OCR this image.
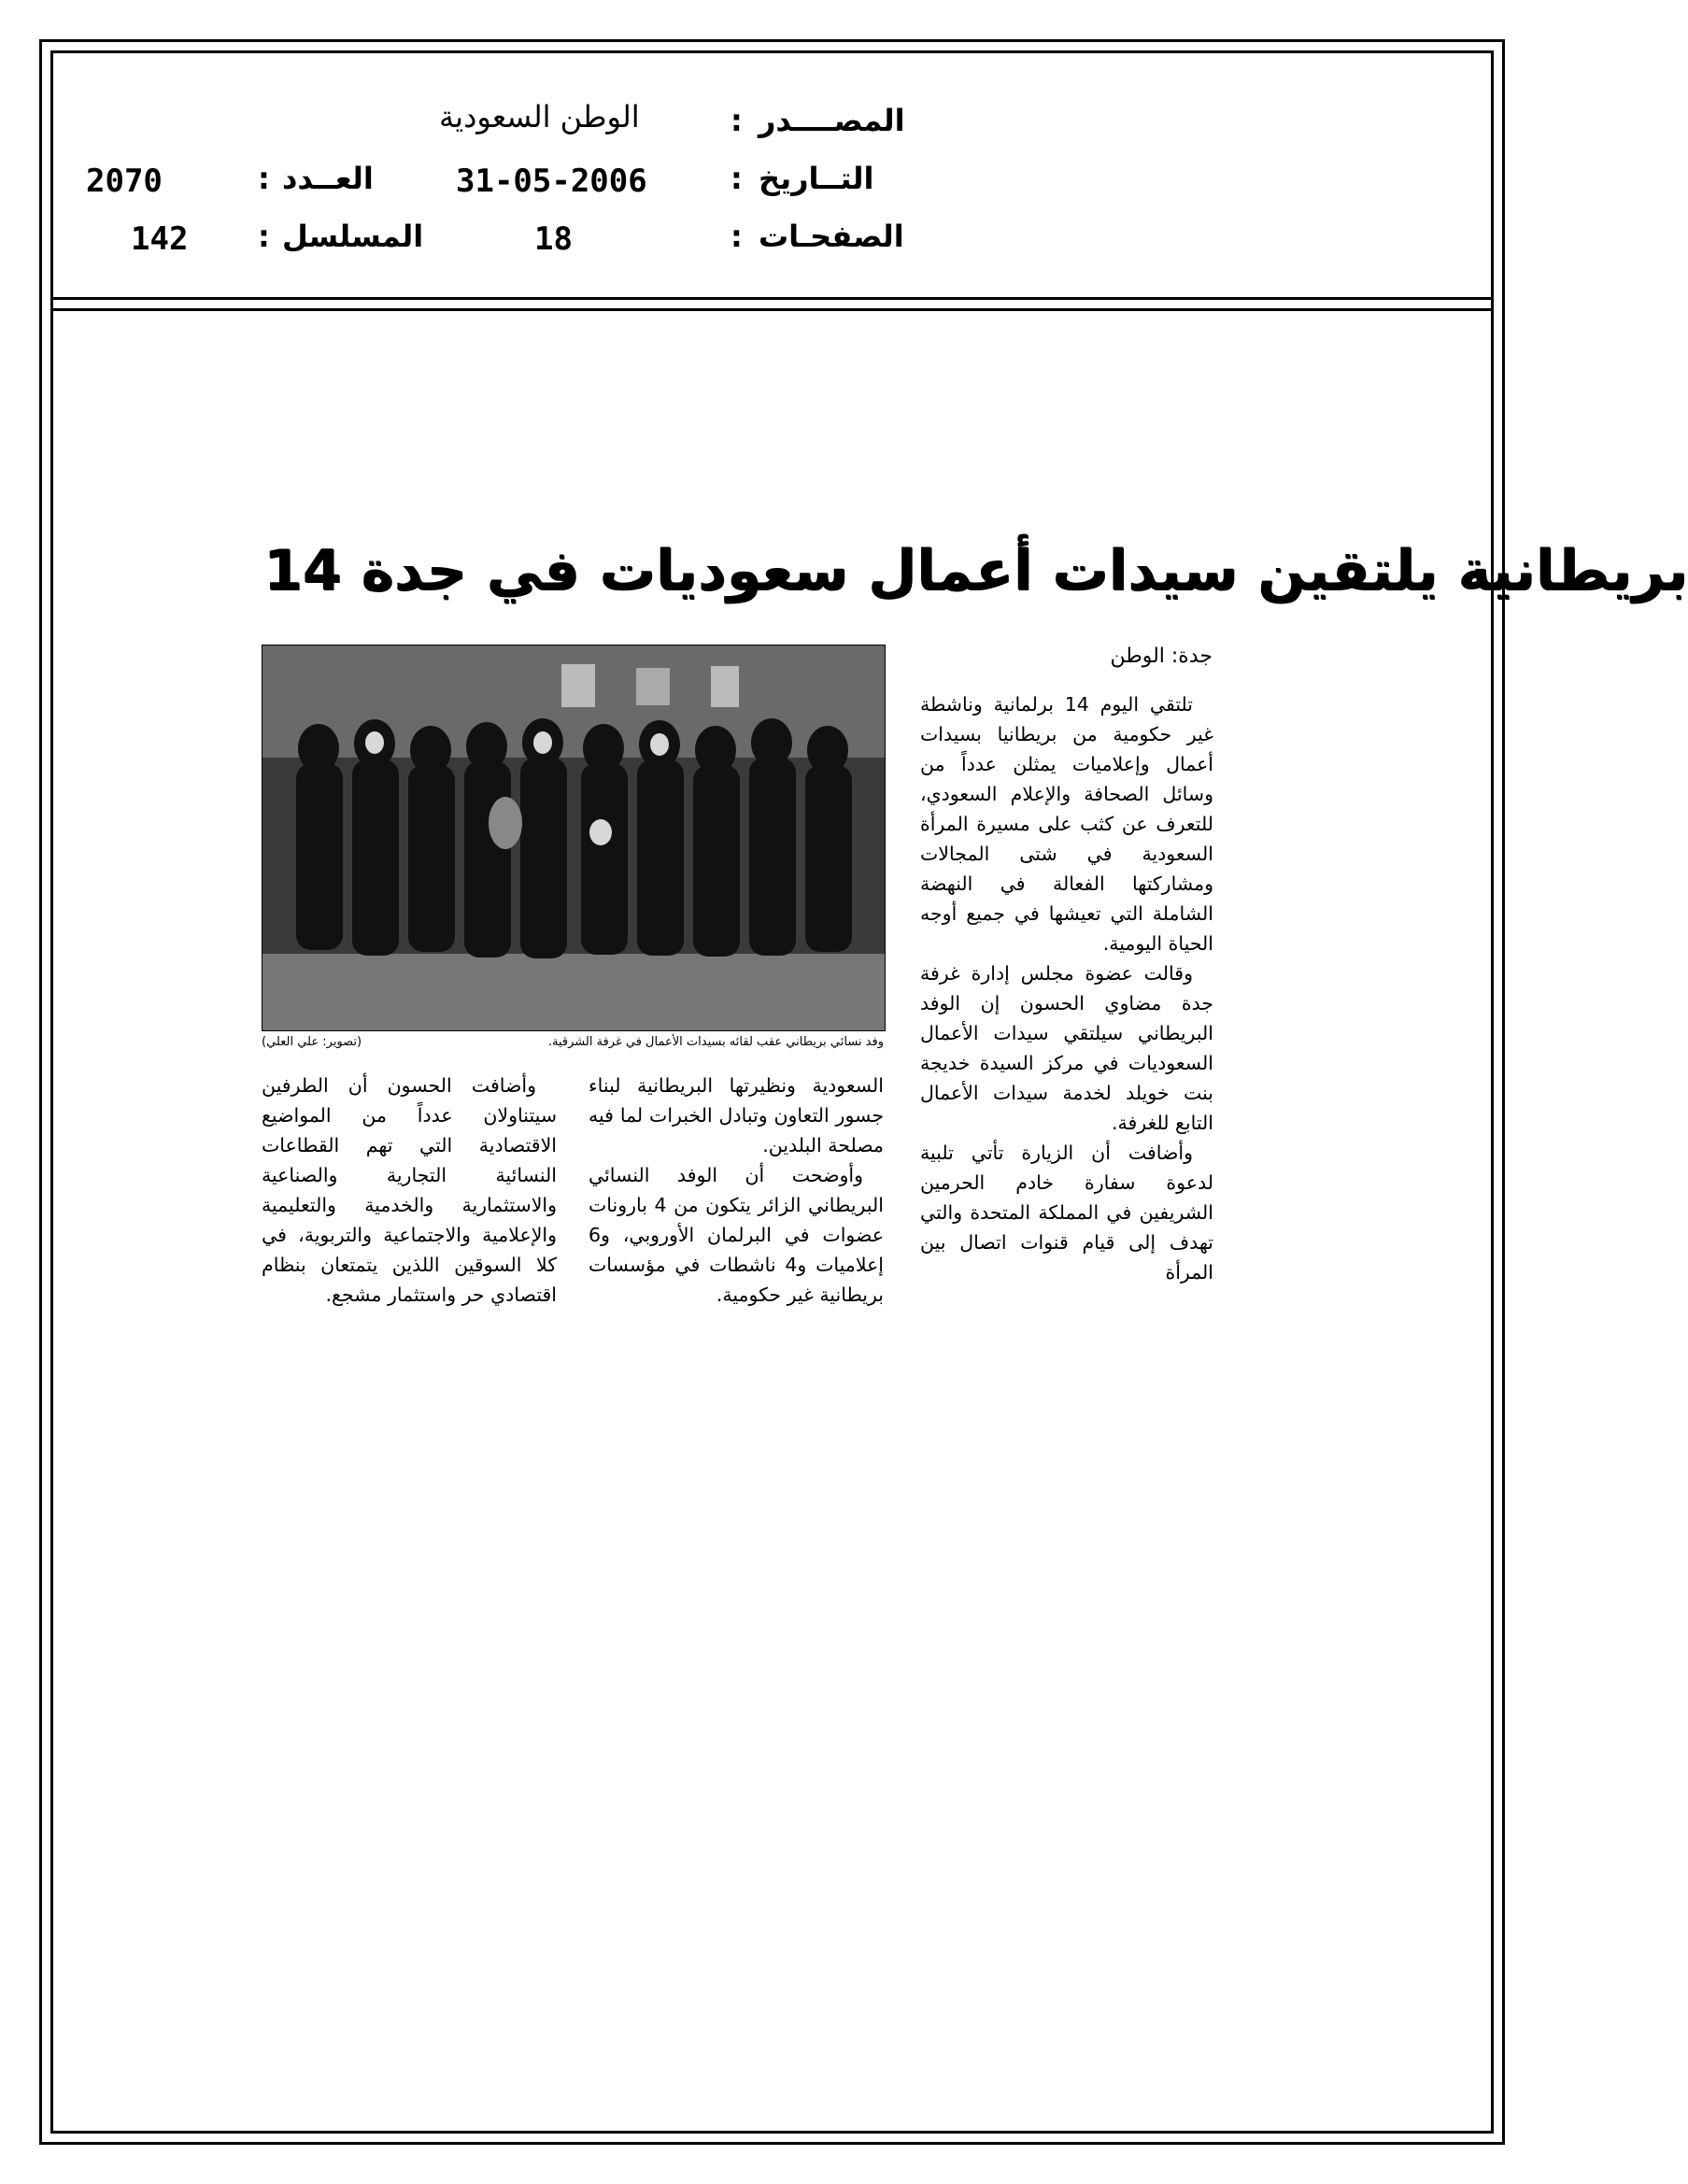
المصــــدر
:
الوطن السعودية
التــاريخ
:
31-05-2006
الصفحـات
:
18
العــدد
:
2070
المسلسل
:
142
14 بريطانية يلتقين سيدات أعمال سعوديات في جدة
جدة: الوطن
وفد نسائي بريطاني عقب لقائه بسيدات الأعمال في غرفة الشرقية.
(تصوير: علي العلي)

تلتقي اليوم 14 برلمانية وناشطة غير حكومية من بريطانيا بسيدات أعمال وإعلاميات يمثلن عدداً من وسائل الصحافة والإعلام السعودي، للتعرف عن كثب على مسيرة المرأة السعودية في شتى المجالات ومشاركتها الفعالة في النهضة الشاملة التي تعيشها في جميع أوجه الحياة اليومية.

وقالت عضوة مجلس إدارة غرفة جدة مضاوي الحسون إن الوفد البريطاني سيلتقي سيدات الأعمال السعوديات في مركز السيدة خديجة بنت خويلد لخدمة سيدات الأعمال التابع للغرفة.

وأضافت أن الزيارة تأتي تلبية لدعوة سفارة خادم الحرمين الشريفين في المملكة المتحدة والتي تهدف إلى قيام قنوات اتصال بين المرأة

السعودية ونظيرتها البريطانية لبناء جسور التعاون وتبادل الخبرات لما فيه مصلحة البلدين.

وأوضحت أن الوفد النسائي البريطاني الزائر يتكون من 4 بارونات عضوات في البرلمان الأوروبي، و6 إعلاميات و4 ناشطات في مؤسسات بريطانية غير حكومية.

وأضافت الحسون أن الطرفين سيتناولان عدداً من المواضيع الاقتصادية التي تهم القطاعات النسائية التجارية والصناعية والاستثمارية والخدمية والتعليمية والإعلامية والاجتماعية والتربوية، في كلا السوقين اللذين يتمتعان بنظام اقتصادي حر واستثمار مشجع.
